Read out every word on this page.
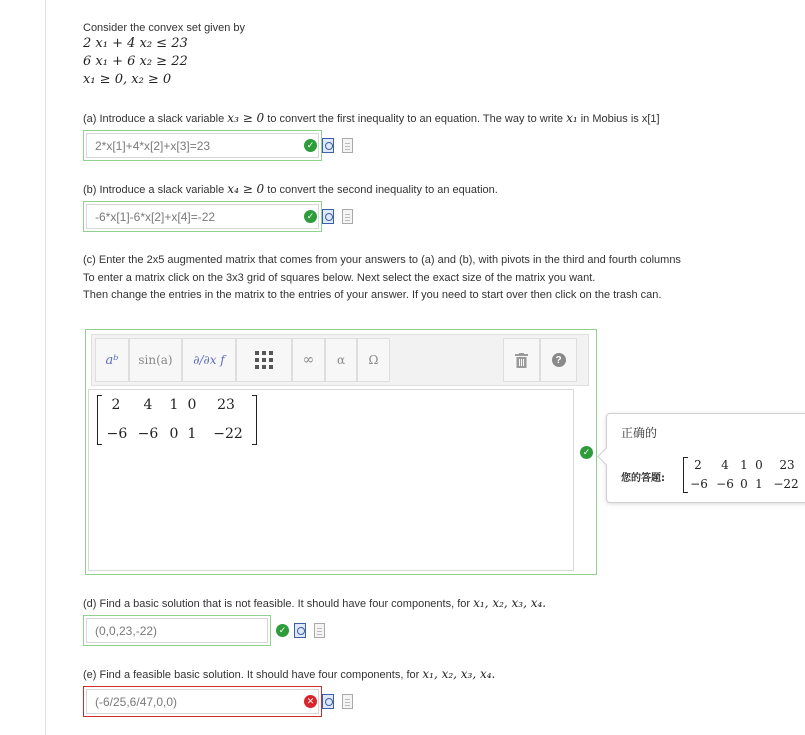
Consider the convex set given by
2 𝑥₁ + 4 𝑥₂ ≤ 23
6 𝑥₁ + 6 𝑥₂ ≥ 22
𝑥₁ ≥ 0, 𝑥₂ ≥ 0
(a) Introduce a slack variable 𝑥₃ ≥ 0 to convert the first inequality to an equation. The way to write 𝑥₁ in Mobius is x[1]
2*x[1]+4*x[2]+x[3]=23	✓
(b) Introduce a slack variable 𝑥₄ ≥ 0 to convert the second inequality to an equation.
-6*x[1]-6*x[2]+x[4]=-22	✓
(c) Enter the 2x5 augmented matrix that comes from your answers to (a) and (b), with pivots in the third and fourth columns
To enter a matrix click on the 3x3 grid of squares below. Next select the exact size of the matrix you want.
Then change the entries in the matrix to the entries of your answer. If you need to start over then click on the trash can.
aᵇ	sin(a)	∂/∂x f	∞	α	Ω	?
2	4	1 0	23
−6 −6 0 1	−22
✓
正确的
您的答题:
2 4 1 0	23
−6 −6 0 1 −22
(d) Find a basic solution that is not feasible. It should have four components, for 𝑥₁, 𝑥₂, 𝑥₃, 𝑥₄.
(0,0,23,-22)	✓
(e) Find a feasible basic solution. It should have four components, for 𝑥₁, 𝑥₂, 𝑥₃, 𝑥₄.
(-6/25,6/47,0,0)	✕
